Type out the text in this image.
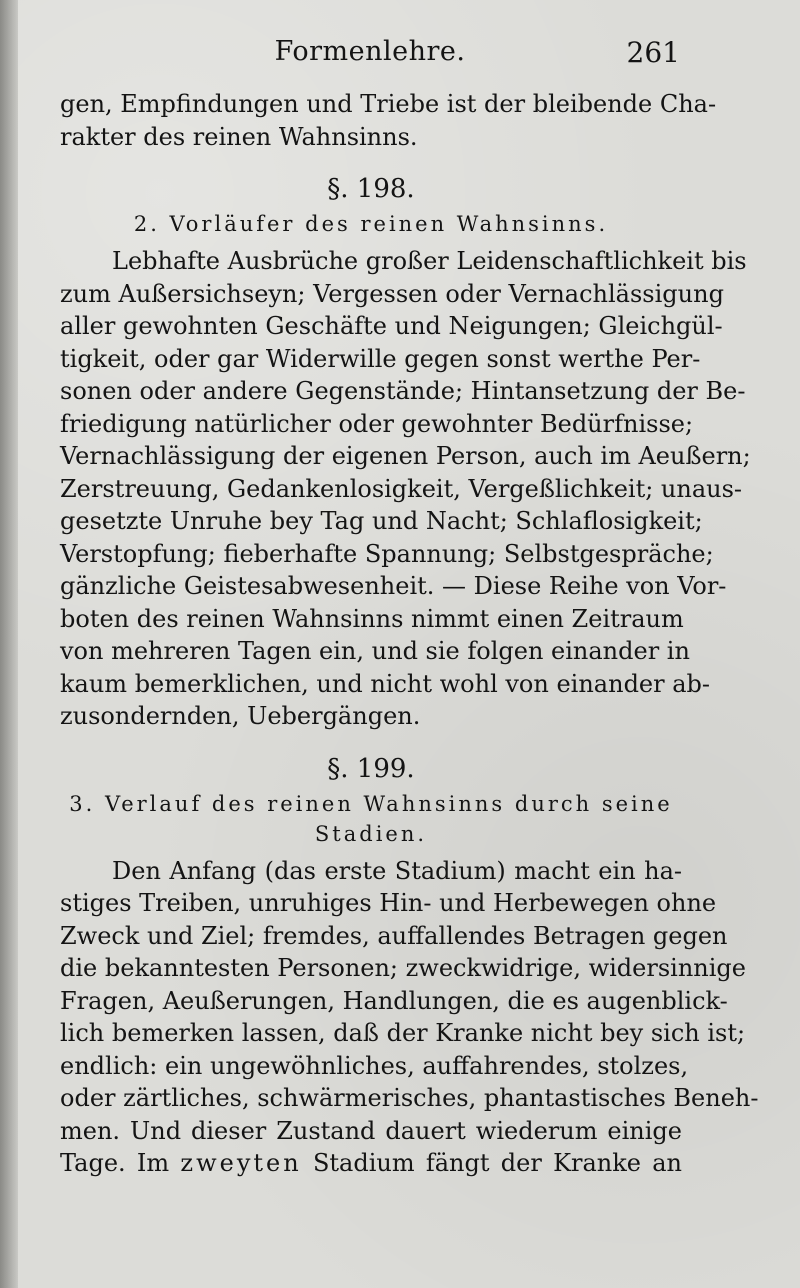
Formenlehre.	261
gen, Empfindungen und Triebe ist der bleibende Cha-
rakter des reinen Wahnsinns.
§. 198.
2. Vorläufer des reinen Wahnsinns.
Lebhafte Ausbrüche großer Leidenschaftlichkeit bis
zum Außersichseyn; Vergessen oder Vernachlässigung
aller gewohnten Geschäfte und Neigungen; Gleichgül-
tigkeit, oder gar Widerwille gegen sonst werthe Per-
sonen oder andere Gegenstände; Hintansetzung der Be-
friedigung natürlicher oder gewohnter Bedürfnisse;
Vernachlässigung der eigenen Person, auch im Aeußern;
Zerstreuung, Gedankenlosigkeit, Vergeßlichkeit; unaus-
gesetzte Unruhe bey Tag und Nacht; Schlaflosigkeit;
Verstopfung; fieberhafte Spannung; Selbstgespräche;
gänzliche Geistesabwesenheit. — Diese Reihe von Vor-
boten des reinen Wahnsinns nimmt einen Zeitraum
von mehreren Tagen ein, und sie folgen einander in
kaum bemerklichen, und nicht wohl von einander ab-
zusondernden, Uebergängen.
§. 199.
3. Verlauf des reinen Wahnsinns durch seine
Stadien.
Den Anfang (das erste Stadium) macht ein ha-
stiges Treiben, unruhiges Hin- und Herbewegen ohne
Zweck und Ziel; fremdes, auffallendes Betragen gegen
die bekanntesten Personen; zweckwidrige, widersinnige
Fragen, Aeußerungen, Handlungen, die es augenblick-
lich bemerken lassen, daß der Kranke nicht bey sich ist;
endlich: ein ungewöhnliches, auffahrendes, stolzes,
oder zärtliches, schwärmerisches, phantastisches Beneh-
men. Und dieser Zustand dauert wiederum einige
Tage. Im zweyten Stadium fängt der Kranke an
